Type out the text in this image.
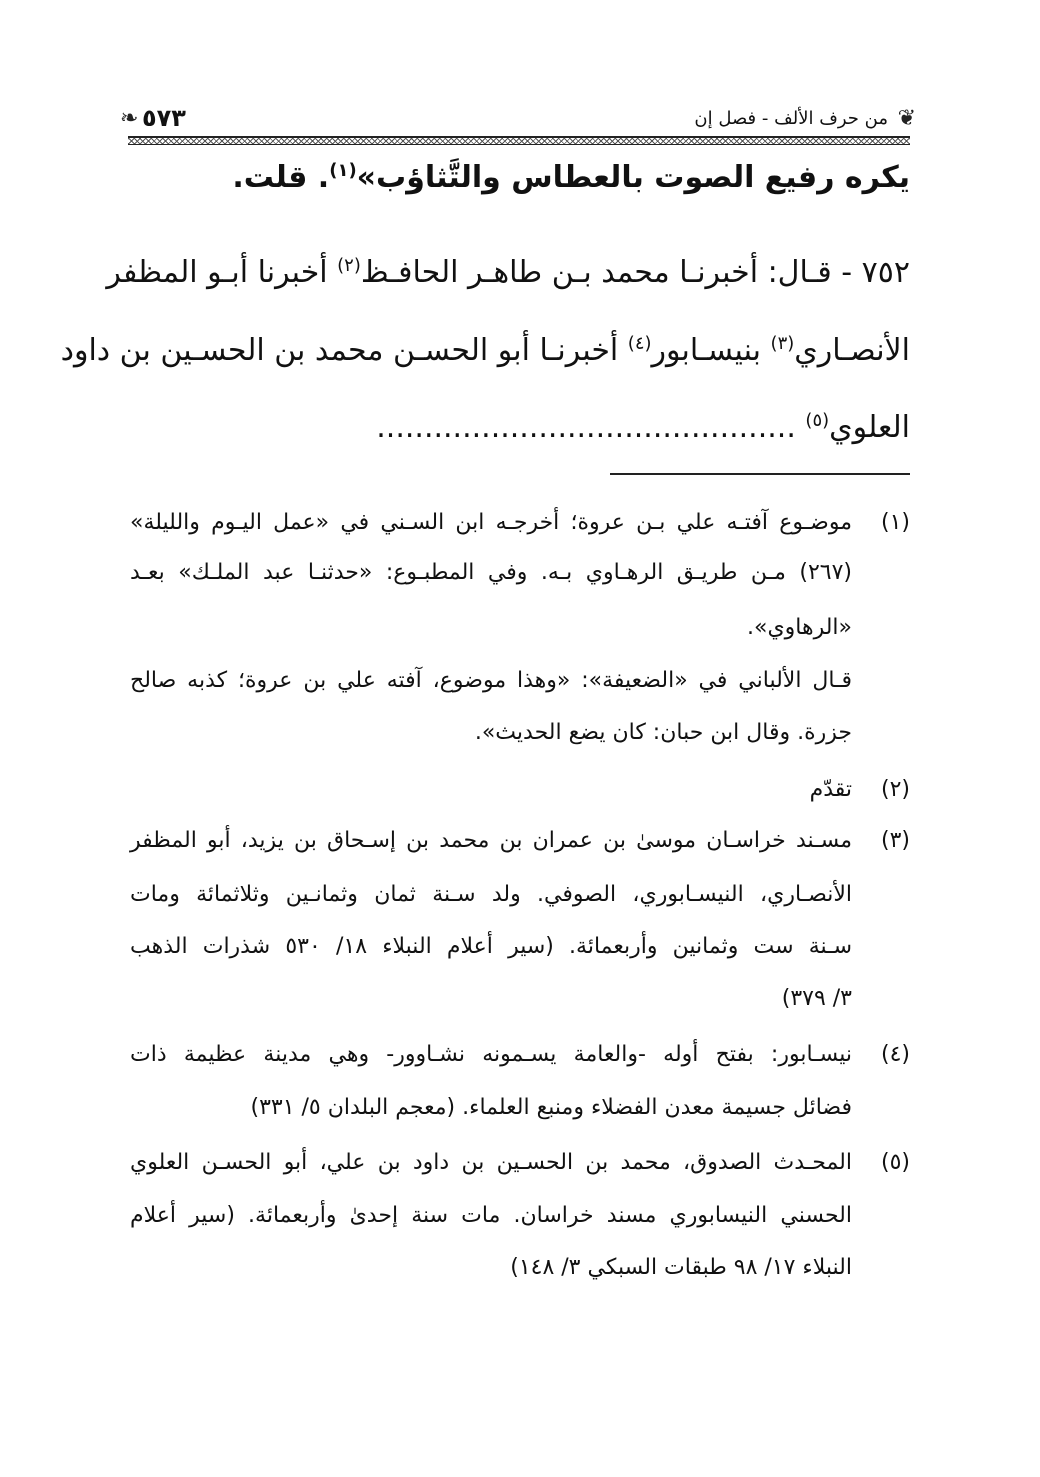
❦
من حرف الألف - فصل إن
٥٧٣
❧
يكره رفيع الصوت بالعطاس والتَّثاؤب»$^{(١)}$. قلت.
٧٥٢ - قـال: أخبرنـا محمد بـن طاهـر الحافـظ$^{(٢)}$ أخبرنا أبـو المظفر
الأنصـاري$^{(٣)}$ بنيسـابور$^{(٤)}$ أخبرنـا أبو الحسـن محمد بن الحسـين بن داود
العلوي$^{(٥)}$ ............................................
(١)موضـوع آفتـه علي بـن عروة؛ أخرجـه ابن السـني في «عمل اليـوم والليلة»
(٢٦٧) مـن طريـق الرهـاوي بـه. وفي المطبـوع: «حدثنـا عبد الملـك» بعـد
«الرهاوي».
قـال الألباني في «الضعيفة»: «وهذا موضوع، آفته علي بن عروة؛ كذبه صالح
جزرة. وقال ابن حبان: كان يضع الحديث».
(٢)تقدّم
(٣)مسـند خراسـان موسىٰ بن عمران بن محمد بن إسـحاق بن يزيد، أبو المظفر
الأنصـاري، النيسـابوري، الصوفي. ولد سـنة ثمان وثمانـين وثلاثمائة ومات
سـنة ست وثمانين وأربعمائة. (سير أعلام النبلاء ١٨/ ٥٣٠ شذرات الذهب
٣/ ٣٧٩)
(٤)نيسـابور: بفتح أوله -والعامة يسـمونه نشـاوور- وهي مدينة عظيمة ذات
فضائل جسيمة معدن الفضلاء ومنبع العلماء. (معجم البلدان ٥/ ٣٣١)
(٥)المحـدث الصدوق، محمد بن الحسـين بن داود بن علي، أبو الحسـن العلوي
الحسني النيسابوري مسند خراسان. مات سنة إحدىٰ وأربعمائة. (سير أعلام
النبلاء ١٧/ ٩٨ طبقات السبكي ٣/ ١٤٨)
